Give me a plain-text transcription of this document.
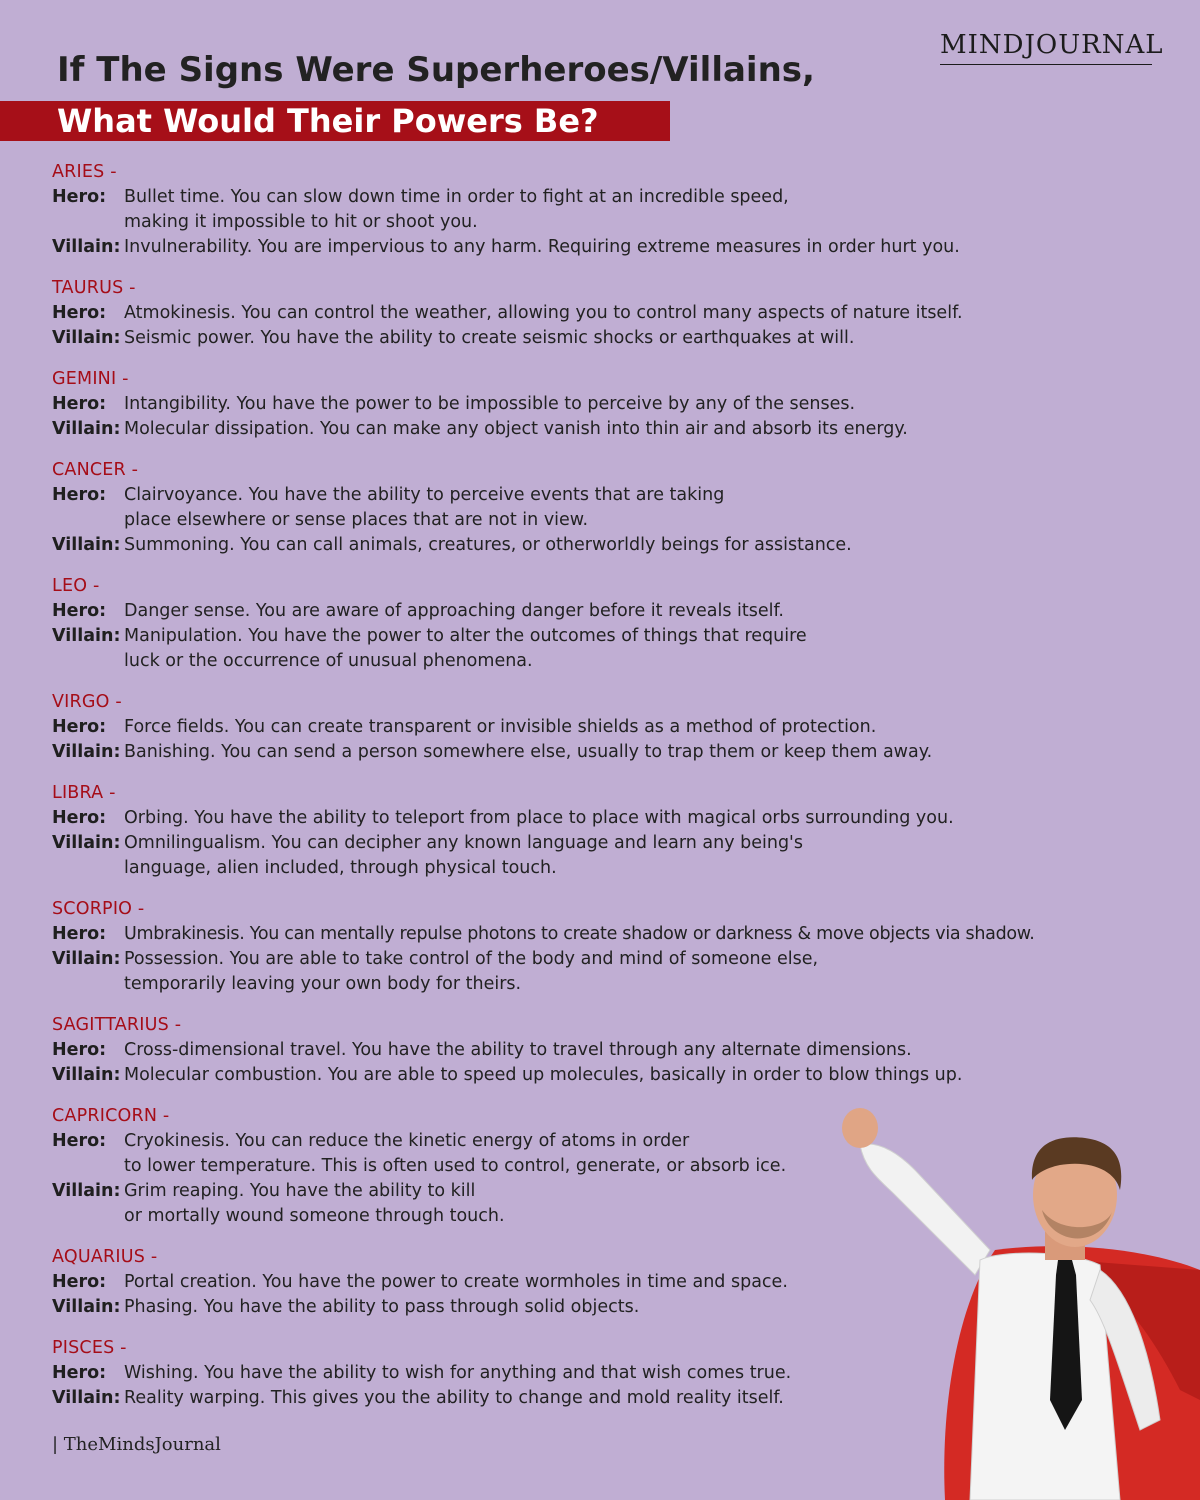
MINDJOURNAL
If The Signs Were Superheroes/Villains,
What Would Their Powers Be?
ARIES -
Hero:	Bullet time. You can slow down time in order to fight at an incredible speed,
making it impossible to hit or shoot you.
Villain: Invulnerability. You are impervious to any harm. Requiring extreme measures in order hurt you.
TAURUS -
Hero:	Atmokinesis. You can control the weather, allowing you to control many aspects of nature itself.
Villain: Seismic power. You have the ability to create seismic shocks or earthquakes at will.
GEMINI -
Hero:	Intangibility. You have the power to be impossible to perceive by any of the senses.
Villain: Molecular dissipation. You can make any object vanish into thin air and absorb its energy.
CANCER -
Hero:	Clairvoyance. You have the ability to perceive events that are taking
place elsewhere or sense places that are not in view.
Villain: Summoning. You can call animals, creatures, or otherworldly beings for assistance.
LEO -
Hero:	Danger sense. You are aware of approaching danger before it reveals itself.
Villain: Manipulation. You have the power to alter the outcomes of things that require
luck or the occurrence of unusual phenomena.
VIRGO -
Hero:	Force fields. You can create transparent or invisible shields as a method of protection.
Villain: Banishing. You can send a person somewhere else, usually to trap them or keep them away.
LIBRA -
Hero:	Orbing. You have the ability to teleport from place to place with magical orbs surrounding you.
Villain: Omnilingualism. You can decipher any known language and learn any being's
language, alien included, through physical touch.
SCORPIO -
Hero:	Umbrakinesis. You can mentally repulse photons to create shadow or darkness & move objects via shadow.
Villain: Possession. You are able to take control of the body and mind of someone else,
temporarily leaving your own body for theirs.
SAGITTARIUS -
Hero:	Cross-dimensional travel. You have the ability to travel through any alternate dimensions.
Villain: Molecular combustion. You are able to speed up molecules, basically in order to blow things up.
CAPRICORN -
Hero:	Cryokinesis. You can reduce the kinetic energy of atoms in order
to lower temperature. This is often used to control, generate, or absorb ice.
Villain: Grim reaping. You have the ability to kill
or mortally wound someone through touch.
AQUARIUS -
Hero:	Portal creation. You have the power to create wormholes in time and space.
Villain: Phasing. You have the ability to pass through solid objects.
PISCES -
Hero:	Wishing. You have the ability to wish for anything and that wish comes true.
Villain: Reality warping. This gives you the ability to change and mold reality itself.
| TheMindsJournal
